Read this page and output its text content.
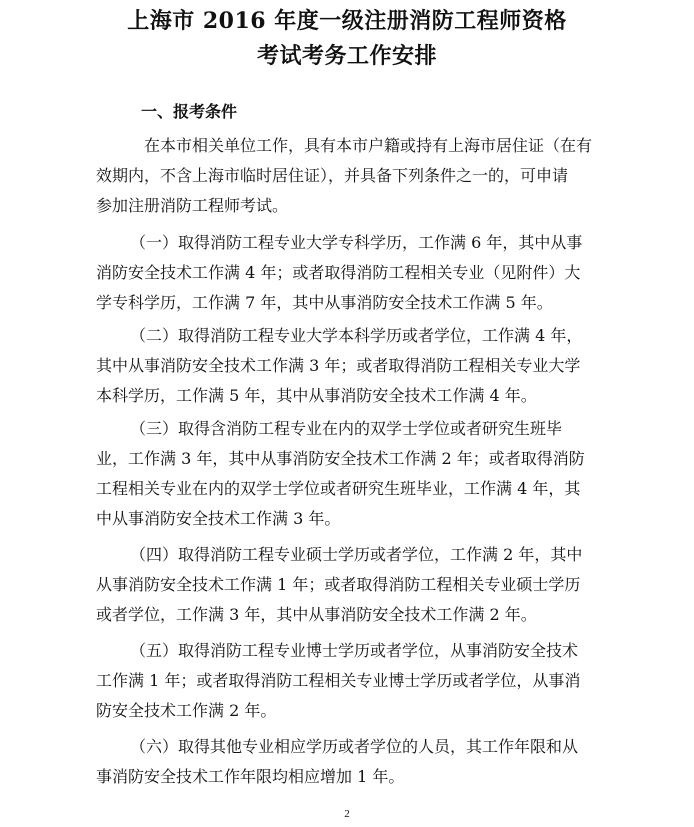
上海市 2016 年度一级注册消防工程师资格
考试考务工作安排
一、报考条件

在本市相关单位工作，具有本市户籍或持有上海市居住证（在有

效期内，不含上海市临时居住证），并具备下列条件之一的，可申请

参加注册消防工程师考试。

（一）取得消防工程专业大学专科学历，工作满 6 年，其中从事

消防安全技术工作满 4 年；或者取得消防工程相关专业（见附件）大

学专科学历，工作满 7 年，其中从事消防安全技术工作满 5 年。

（二）取得消防工程专业大学本科学历或者学位，工作满 4 年，

其中从事消防安全技术工作满 3 年；或者取得消防工程相关专业大学

本科学历，工作满 5 年，其中从事消防安全技术工作满 4 年。

（三）取得含消防工程专业在内的双学士学位或者研究生班毕

业，工作满 3 年，其中从事消防安全技术工作满 2 年；或者取得消防

工程相关专业在内的双学士学位或者研究生班毕业，工作满 4 年，其

中从事消防安全技术工作满 3 年。

（四）取得消防工程专业硕士学历或者学位，工作满 2 年，其中

从事消防安全技术工作满 1 年；或者取得消防工程相关专业硕士学历

或者学位，工作满 3 年，其中从事消防安全技术工作满 2 年。

（五）取得消防工程专业博士学历或者学位，从事消防安全技术

工作满 1 年；或者取得消防工程相关专业博士学历或者学位，从事消

防安全技术工作满 2 年。

（六）取得其他专业相应学历或者学位的人员，其工作年限和从

事消防安全技术工作年限均相应增加 1 年。

2
